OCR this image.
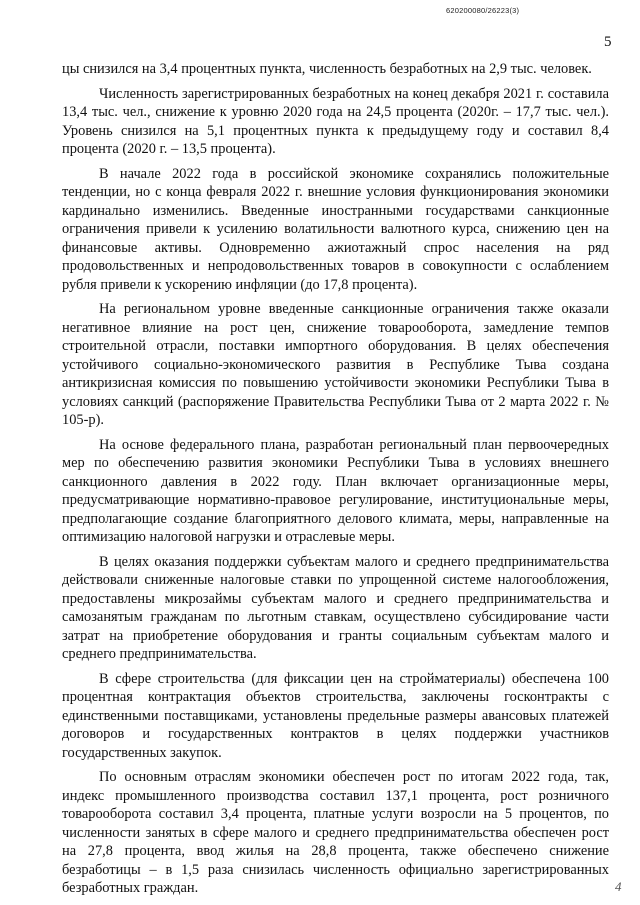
620200080/26223(3)
5

цы снизился на 3,4 процентных пункта, численность безработных на 2,9 тыс. человек.

Численность зарегистрированных безработных на конец декабря 2021 г. составила 13,4 тыс. чел., снижение к уровню 2020 года на 24,5 процента (2020г. – 17,7 тыс. чел.). Уровень снизился на 5,1 процентных пункта к предыдущему году и составил 8,4 процента (2020 г. – 13,5 процента).

В начале 2022 года в российской экономике сохранялись положительные тенденции, но с конца февраля 2022 г. внешние условия функционирования экономики кардинально изменились. Введенные иностранными государствами санкционные ограничения привели к усилению волатильности валютного курса, снижению цен на финансовые активы. Одновременно ажиотажный спрос населения на ряд продовольственных и непродовольственных товаров в совокупности с ослаблением рубля привели к ускорению инфляции (до 17,8 процента).

На региональном уровне введенные санкционные ограничения также оказали негативное влияние на рост цен, снижение товарооборота, замедление темпов строительной отрасли, поставки импортного оборудования. В целях обеспечения устойчивого социально-экономического развития в Республике Тыва создана антикризисная комиссия по повышению устойчивости экономики Республики Тыва в условиях санкций (распоряжение Правительства Республики Тыва от 2 марта 2022 г. № 105-р).

На основе федерального плана, разработан региональный план первоочередных мер по обеспечению развития экономики Республики Тыва в условиях внешнего санкционного давления в 2022 году. План включает организационные меры, предусматривающие нормативно-правовое регулирование, институциональные меры, предполагающие создание благоприятного делового климата, меры, направленные на оптимизацию налоговой нагрузки и отраслевые меры.

В целях оказания поддержки субъектам малого и среднего предпринимательства действовали сниженные налоговые ставки по упрощенной системе налогообложения, предоставлены микрозаймы субъектам малого и среднего предпринимательства и самозанятым гражданам по льготным ставкам, осуществлено субсидирование части затрат на приобретение оборудования и гранты социальным субъектам малого и среднего предпринимательства.

В сфере строительства (для фиксации цен на стройматериалы) обеспечена 100 процентная контрактация объектов строительства, заключены госконтракты с единственными поставщиками, установлены предельные размеры авансовых платежей договоров и государственных контрактов в целях поддержки участников государственных закупок.

По основным отраслям экономики обеспечен рост по итогам 2022 года, так, индекс промышленного производства составил 137,1 процента, рост розничного товарооборота составил 3,4 процента, платные услуги возросли на 5 процентов, по численности занятых в сфере малого и среднего предпринимательства обеспечен рост на 27,8 процента, ввод жилья на 28,8 процента, также обеспечено снижение безработицы – в 1,5 раза снизилась численность официально зарегистрированных безработных граждан.	4
